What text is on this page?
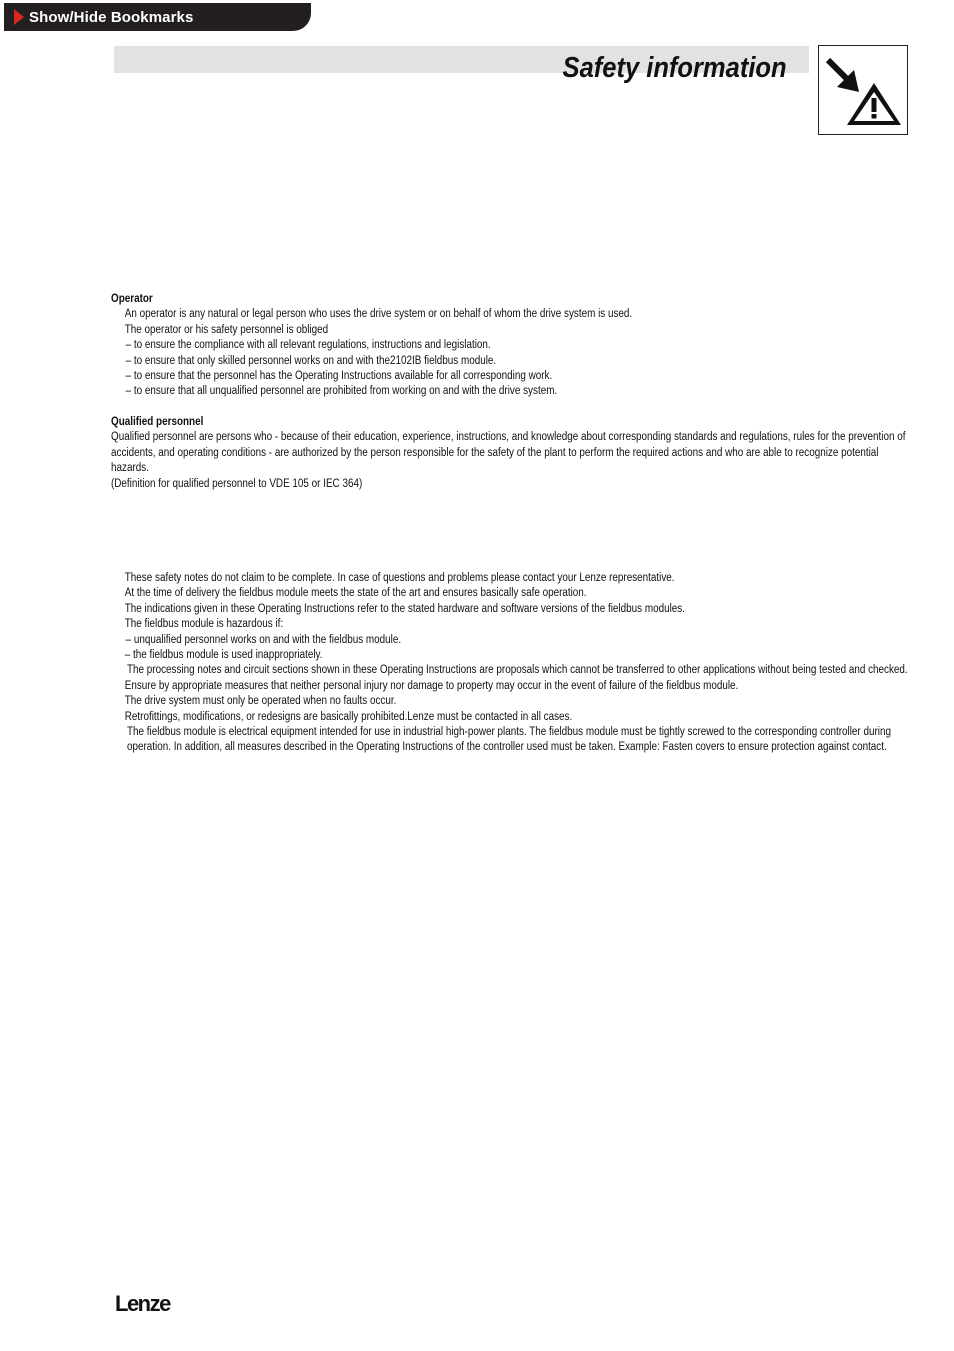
Show/Hide Bookmarks
Safety information
Operator
An operator is any natural or legal person who uses the drive system or on behalf of whom the drive system is used.
The operator or his safety personnel is obliged
– to ensure the compliance with all relevant regulations, instructions and legislation.
– to ensure that only skilled personnel works on and with the2102IB fieldbus module.
– to ensure that the personnel has the Operating Instructions available for all corresponding work.
– to ensure that all unqualified personnel are prohibited from working on and with the drive system.
Qualified personnel
Qualified personnel are persons who - because of their education, experience, instructions, and knowledge about corresponding standards and regulations, rules for the prevention of accidents, and operating conditions - are authorized by the person responsible for the safety of the plant to perform the required actions and who are able to recognize potential hazards.
(Definition for qualified personnel to VDE 105 or IEC 364)
These safety notes do not claim to be complete. In case of questions and problems please contact your Lenze representative.
At the time of delivery the fieldbus module meets the state of the art and ensures basically safe operation.
The indications given in these Operating Instructions refer to the stated hardware and software versions of the fieldbus modules.
The fieldbus module is hazardous if:
– unqualified personnel works on and with the fieldbus module.
– the fieldbus module is used inappropriately.
The processing notes and circuit sections shown in these Operating Instructions are proposals which cannot be transferred to other applications without being tested and checked.
Ensure by appropriate measures that neither personal injury nor damage to property may occur in the event of failure of the fieldbus module.
The drive system must only be operated when no faults occur.
Retrofittings, modifications, or redesigns are basically prohibited.Lenze must be contacted in all cases.
The fieldbus module is electrical equipment intended for use in industrial high-power plants. The fieldbus module must be tightly screwed to the corresponding controller during operation. In addition, all measures described in the Operating Instructions of the controller used must be taken. Example: Fasten covers to ensure protection against contact.
Lenze
